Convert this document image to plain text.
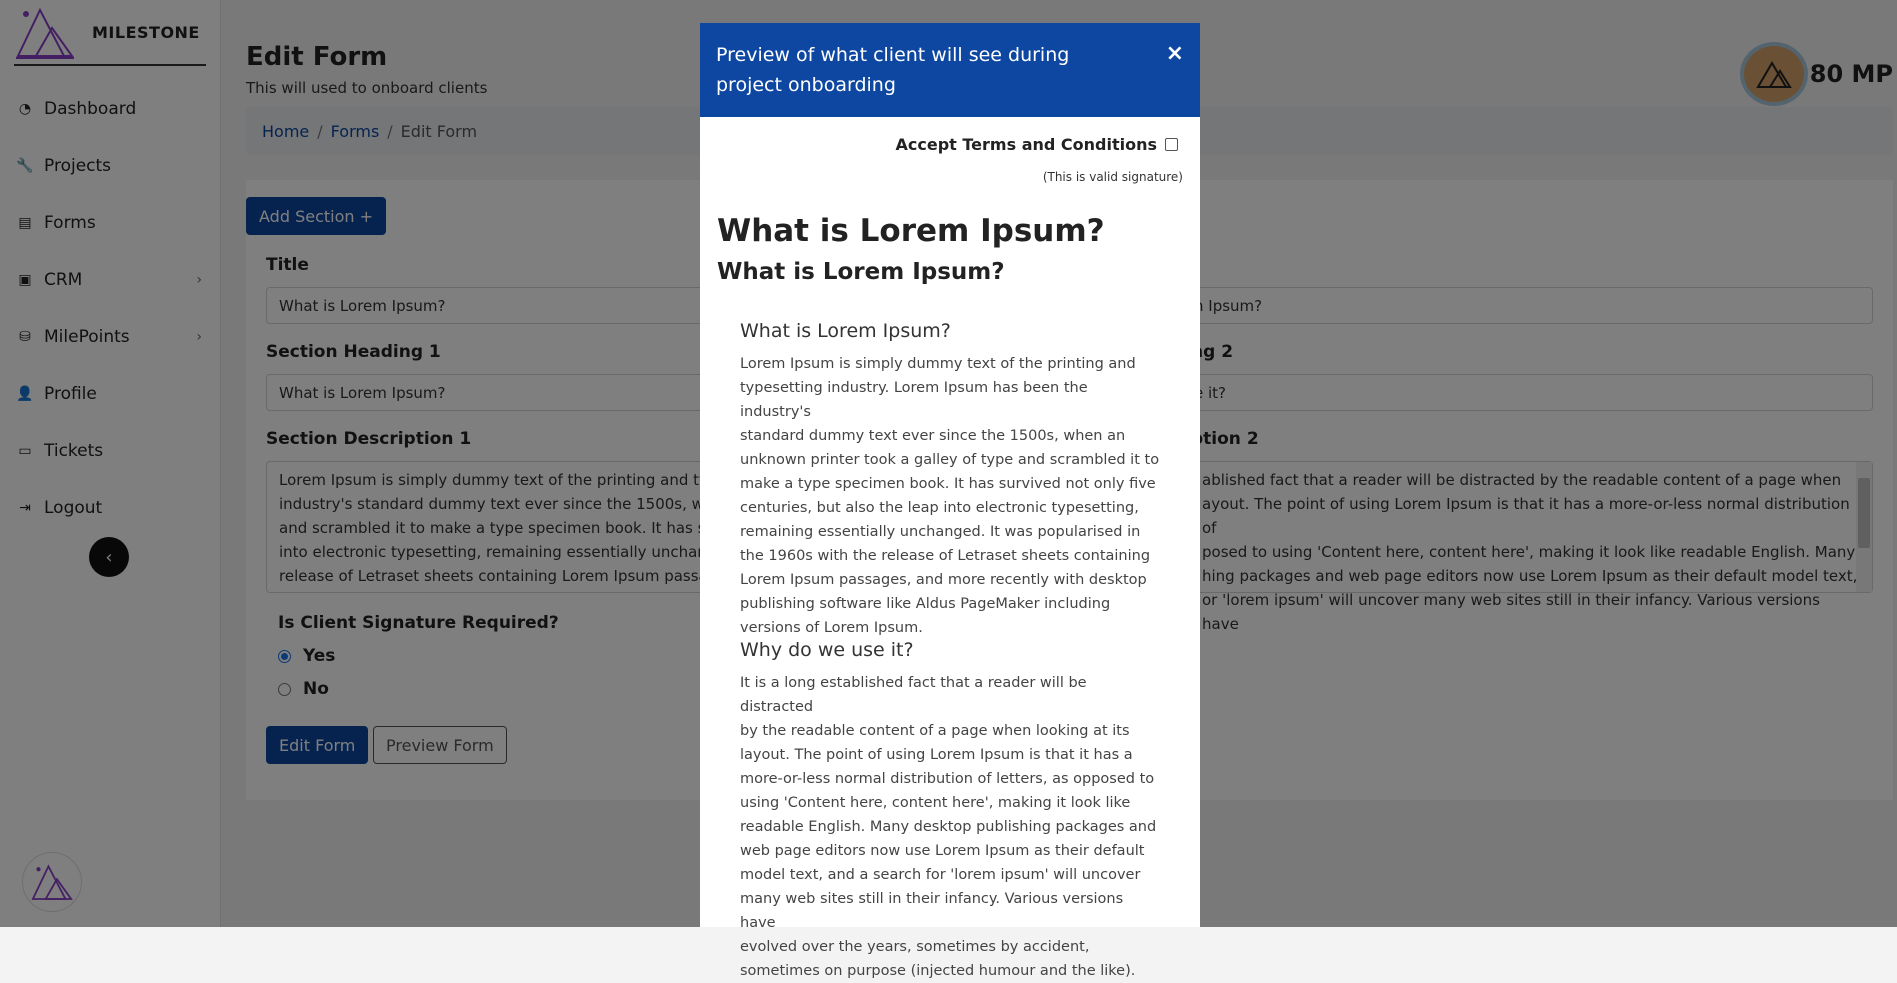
Preview of what client will see during project onboarding
×
Accept Terms and Conditions
(This is valid signature)
What is Lorem Ipsum?
What is Lorem Ipsum?
What is Lorem Ipsum?
Lorem Ipsum is simply dummy text of the printing and
typesetting industry. Lorem Ipsum has been the industry's
standard dummy text ever since the 1500s, when an
unknown printer took a galley of type and scrambled it to
make a type specimen book. It has survived not only five
centuries, but also the leap into electronic typesetting,
remaining essentially unchanged. It was popularised in
the 1960s with the release of Letraset sheets containing
Lorem Ipsum passages, and more recently with desktop
publishing software like Aldus PageMaker including
versions of Lorem Ipsum.
Why do we use it?
It is a long established fact that a reader will be distracted
by the readable content of a page when looking at its
layout. The point of using Lorem Ipsum is that it has a
more-or-less normal distribution of letters, as opposed to
using 'Content here, content here', making it look like
readable English. Many desktop publishing packages and
web page editors now use Lorem Ipsum as their default
model text, and a search for 'lorem ipsum' will uncover
many web sites still in their infancy. Various versions have
evolved over the years, sometimes by accident,
sometimes on purpose (injected humour and the like).
